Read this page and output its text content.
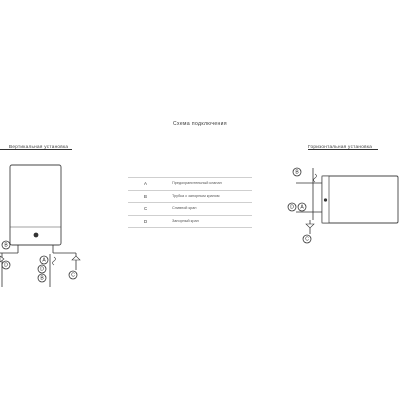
Схема подключения
Вертикальная установка
B
D
A
C
D
B
A	Предохранительный клапан
B	Трубка с запорным краном
C	Сливной кран
D	Запорный кран
Горизонтальная установка
B
D A
C
